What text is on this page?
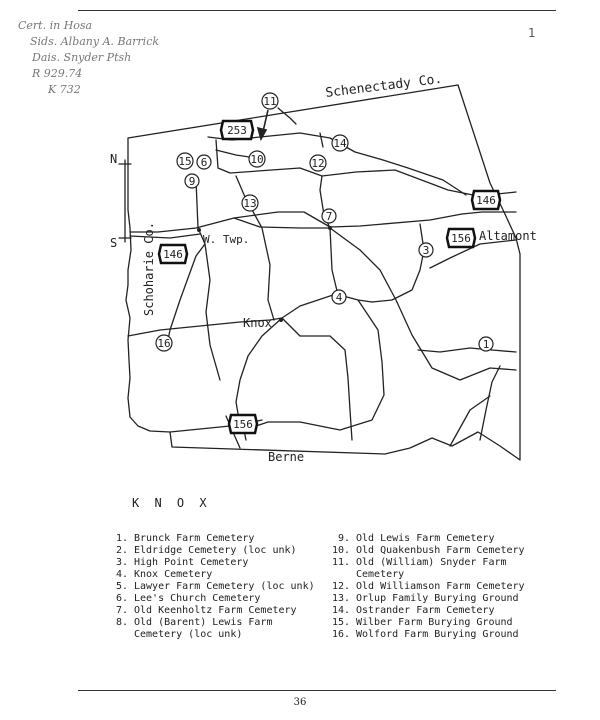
Cert. in Hosa
Sids. Albany A. Barrick
Dais. Snyder Ptsh
R 929.74
K 732
1
253
146
146
156
156
Schenectady Co.
Schoharie Co.
Berne
Altamont
Knox
W. Twp.
N
S
1
3
4
6
7
9
10
11
12
13
14
15
16
K N O X
1. Brunck Farm Cemetery
2. Eldridge Cemetery (loc unk)
3. High Point Cemetery
4. Knox Cemetery
5. Lawyer Farm Cemetery (loc unk)
6. Lee's Church Cemetery
7. Old Keenholtz Farm Cemetery
8. Old (Barent) Lewis Farm Cemetery (loc unk)
9. Old Lewis Farm Cemetery
10. Old Quakenbush Farm Cemetery
11. Old (William) Snyder Farm Cemetery
12. Old Williamson Farm Cemetery
13. Orlup Family Burying Ground
14. Ostrander Farm Cemetery
15. Wilber Farm Burying Ground
16. Wolford Farm Burying Ground
36
